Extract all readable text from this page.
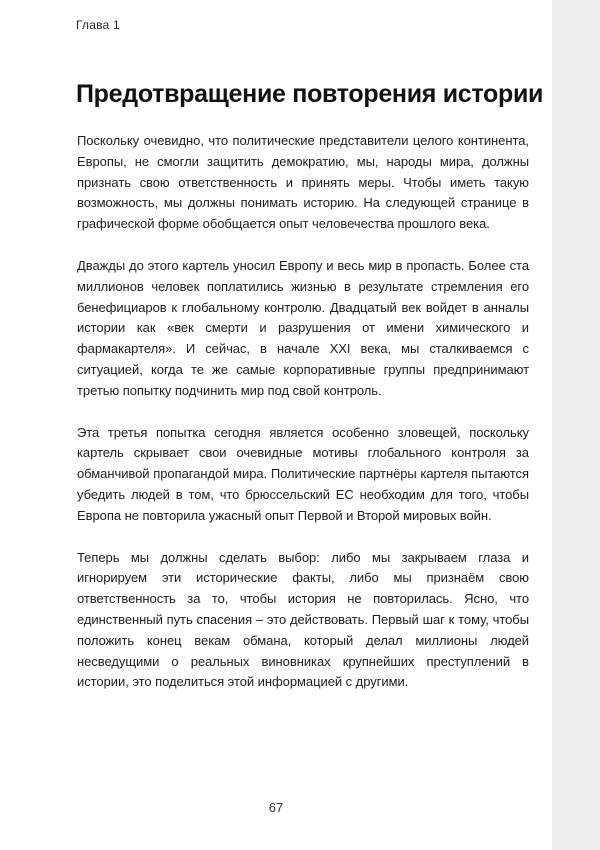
Глава 1
Предотвращение повторения истории

Поскольку очевидно, что политические представители целого континента, Европы, не смогли защитить демократию, мы, народы мира, должны признать свою ответственность и принять меры. Чтобы иметь такую возможность, мы должны понимать историю. На следующей странице в графической форме обобщается опыт человечества прошлого века.

Дважды до этого картель уносил Европу и весь мир в пропасть. Более ста миллионов человек поплатились жизнью в результате стремления его бенефициаров к глобальному контролю. Двадцатый век войдет в анналы истории как «век смерти и разрушения от имени химического и фармакартеля». И сейчас, в начале XXI века, мы сталкиваемся с ситуацией, когда те же самые корпоративные группы предпринимают третью попытку подчинить мир под свой контроль.

Эта третья попытка сегодня является особенно зловещей, поскольку картель скрывает свои очевидные мотивы глобального контроля за обманчивой пропагандой мира. Политические партнёры картеля пытаются убедить людей в том, что брюссельский ЕС необходим для того, чтобы Европа не повторила ужасный опыт Первой и Второй мировых войн.

Теперь мы должны сделать выбор: либо мы закрываем глаза и игнорируем эти исторические факты, либо мы признаём свою ответственность за то, чтобы история не повторилась. Ясно, что единственный путь спасения – это действовать. Первый шаг к тому, чтобы положить конец векам обмана, который делал миллионы людей несведущими о реальных виновниках крупнейших преступлений в истории, это поделиться этой информацией с другими.

67
